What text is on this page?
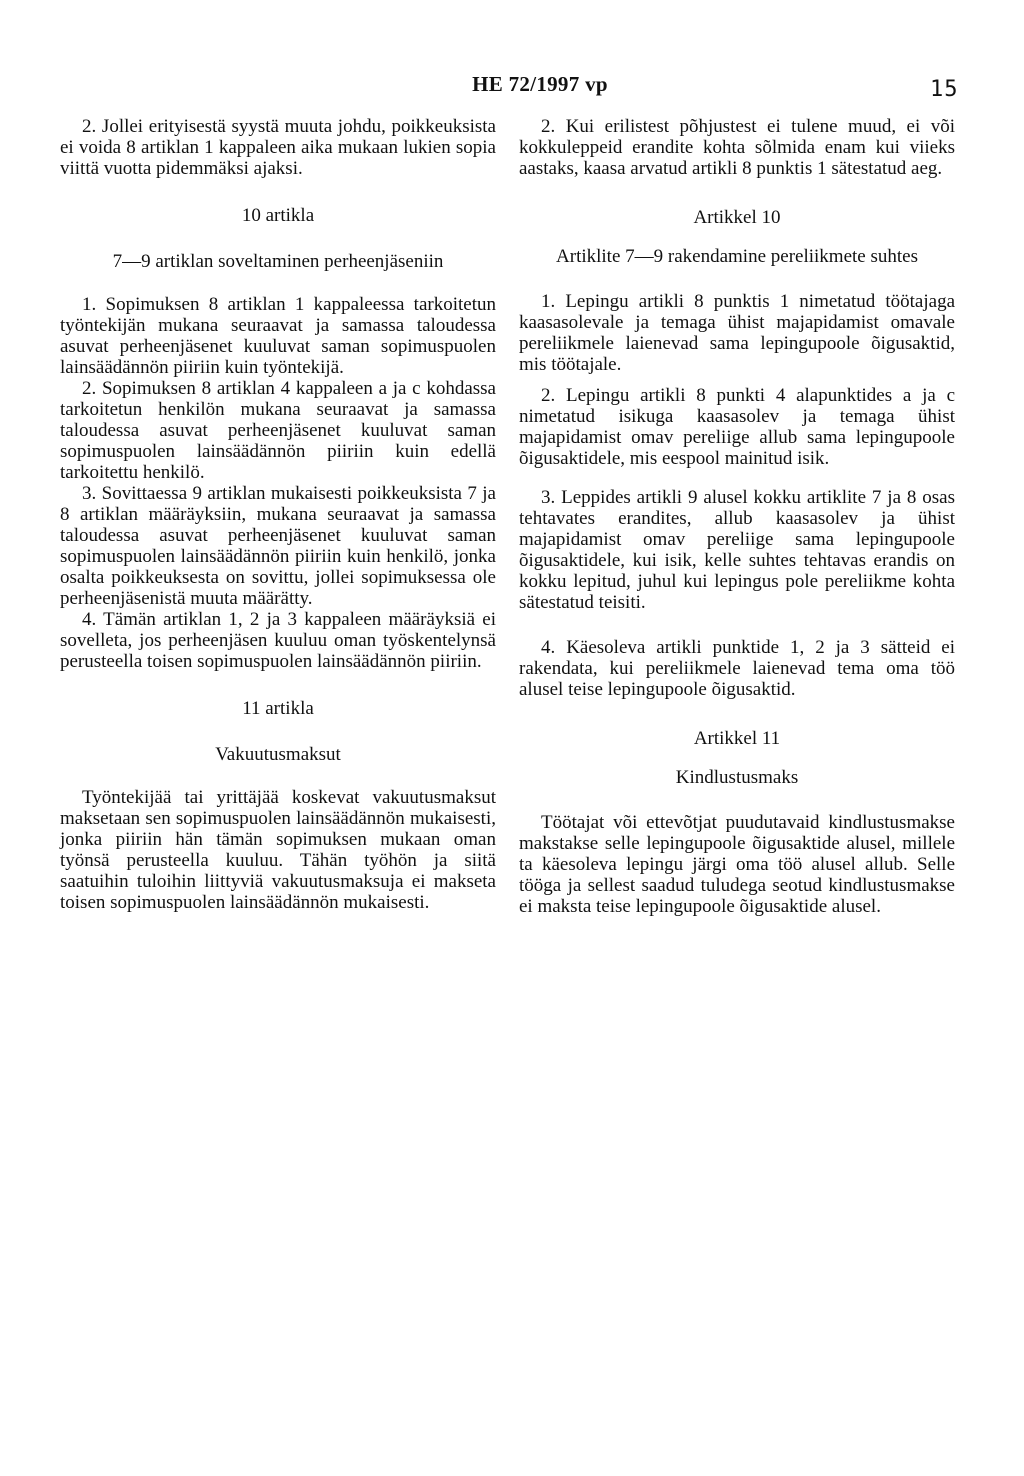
HE 72/1997 vp	15

2. Jollei erityisestä syystä muuta johdu, poikkeuksista ei voida 8 artiklan 1 kappaleen aika mukaan lukien sopia viittä vuotta pidemmäksi ajaksi.

10 artikla

7—9 artiklan soveltaminen perheenjäseniin

1. Sopimuksen 8 artiklan 1 kappaleessa tarkoitetun työntekijän mukana seuraavat ja samassa taloudessa asuvat perheenjäsenet kuuluvat saman sopimuspuolen lainsäädännön piiriin kuin työntekijä.

2. Sopimuksen 8 artiklan 4 kappaleen a ja c kohdassa tarkoitetun henkilön mukana seuraavat ja samassa taloudessa asuvat perheenjäsenet kuuluvat saman sopimuspuolen lainsäädännön piiriin kuin edellä tarkoitettu henkilö.

3. Sovittaessa 9 artiklan mukaisesti poikkeuksista 7 ja 8 artiklan määräyksiin, mukana seuraavat ja samassa taloudessa asuvat perheenjäsenet kuuluvat saman sopimuspuolen lainsäädännön piiriin kuin henkilö, jonka osalta poikkeuksesta on sovittu, jollei sopimuksessa ole perheenjäsenistä muuta määrätty.

4. Tämän artiklan 1, 2 ja 3 kappaleen määräyksiä ei sovelleta, jos perheenjäsen kuuluu oman työskentelynsä perusteella toisen sopimuspuolen lainsäädännön piiriin.

11 artikla

Vakuutusmaksut

Työntekijää tai yrittäjää koskevat vakuutusmaksut maksetaan sen sopimuspuolen lainsäädännön mukaisesti, jonka piiriin hän tämän sopimuksen mukaan oman työnsä perusteella kuuluu. Tähän työhön ja siitä saatuihin tuloihin liittyviä vakuutusmaksuja ei makseta toisen sopimuspuolen lainsäädännön mukaisesti.

2. Kui erilistest põhjustest ei tulene muud, ei või kokkuleppeid erandite kohta sõlmida enam kui viieks aastaks, kaasa arvatud artikli 8 punktis 1 sätestatud aeg.

Artikkel 10

Artiklite 7—9 rakendamine pereliikmete suhtes

1. Lepingu artikli 8 punktis 1 nimetatud töötajaga kaasasolevale ja temaga ühist majapidamist omavale pereliikmele laienevad sama lepingupoole õigusaktid, mis töötajale.

2. Lepingu artikli 8 punkti 4 alapunktides a ja c nimetatud isikuga kaasasolev ja temaga ühist majapidamist omav pereliige allub sama lepingupoole õigusaktidele, mis eespool mainitud isik.

3. Leppides artikli 9 alusel kokku artiklite 7 ja 8 osas tehtavates erandites, allub kaasasolev ja ühist majapidamist omav pereliige sama lepingupoole õigusaktidele, kui isik, kelle suhtes tehtavas erandis on kokku lepitud, juhul kui lepingus pole pereliikme kohta sätestatud teisiti.

4. Käesoleva artikli punktide 1, 2 ja 3 sätteid ei rakendata, kui pereliikmele laienevad tema oma töö alusel teise lepingupoole õigusaktid.

Artikkel 11

Kindlustusmaks

Töötajat või ettevõtjat puudutavaid kindlustusmakse makstakse selle lepingupoole õigusaktide alusel, millele ta käesoleva lepingu järgi oma töö alusel allub. Selle tööga ja sellest saadud tuludega seotud kindlustusmakse ei maksta teise lepingupoole õigusaktide alusel.
